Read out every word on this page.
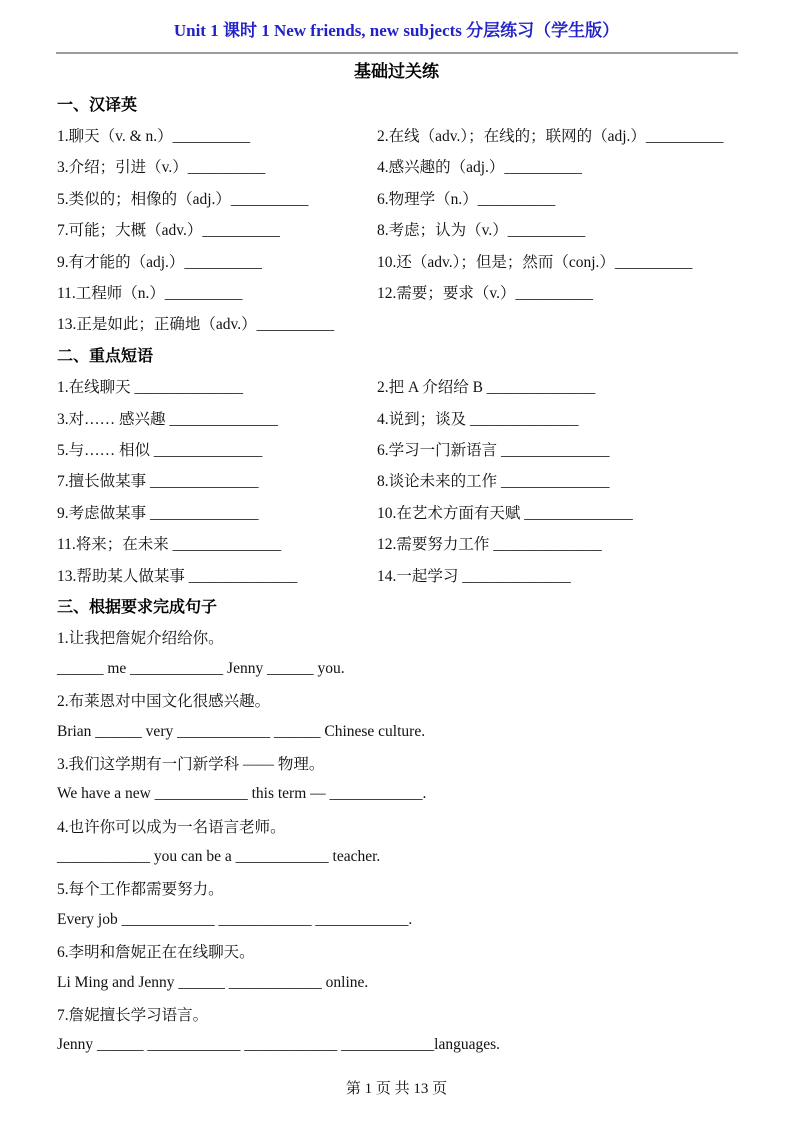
Unit 1 课时 1 New friends, new subjects 分层练习（学生版）
基础过关练
一、汉译英
1.聊天（v. & n.）__________	2.在线（adv.）；在线的；联网的（adj.）__________
3.介绍；引进（v.）__________	4.感兴趣的（adj.）__________
5.类似的；相像的（adj.）__________	6.物理学（n.）__________
7.可能；大概（adv.）__________	8.考虑；认为（v.）__________
9.有才能的（adj.）__________	10.还（adv.）；但是；然而（conj.）__________
11.工程师（n.）__________	12.需要；要求（v.）__________
13.正是如此；正确地（adv.）__________
二、重点短语
1.在线聊天 ______________	2.把 A 介绍给 B ______________
3.对…… 感兴趣 ______________	4.说到；谈及 ______________
5.与…… 相似 ______________	6.学习一门新语言 ______________
7.擅长做某事 ______________	8.谈论未来的工作 ______________
9.考虑做某事 ______________	10.在艺术方面有天赋 ______________
11.将来；在未来 ______________	12.需要努力工作 ______________
13.帮助某人做某事 ______________	14.一起学习 ______________
三、根据要求完成句子
1.让我把詹妮介绍给你。
______ me ____________ Jenny ______ you.
2.布莱恩对中国文化很感兴趣。
Brian ______ very ____________ ______ Chinese culture.
3.我们这学期有一门新学科 —— 物理。
We have a new ____________ this term — ____________.
4.也许你可以成为一名语言老师。
____________ you can be a ____________ teacher.
5.每个工作都需要努力。
Every job ____________ ____________ ____________.
6.李明和詹妮正在在线聊天。
Li Ming and Jenny ______ ____________ online.
7.詹妮擅长学习语言。
Jenny ______ ____________ ____________ ____________languages.
第 1 页 共 13 页
